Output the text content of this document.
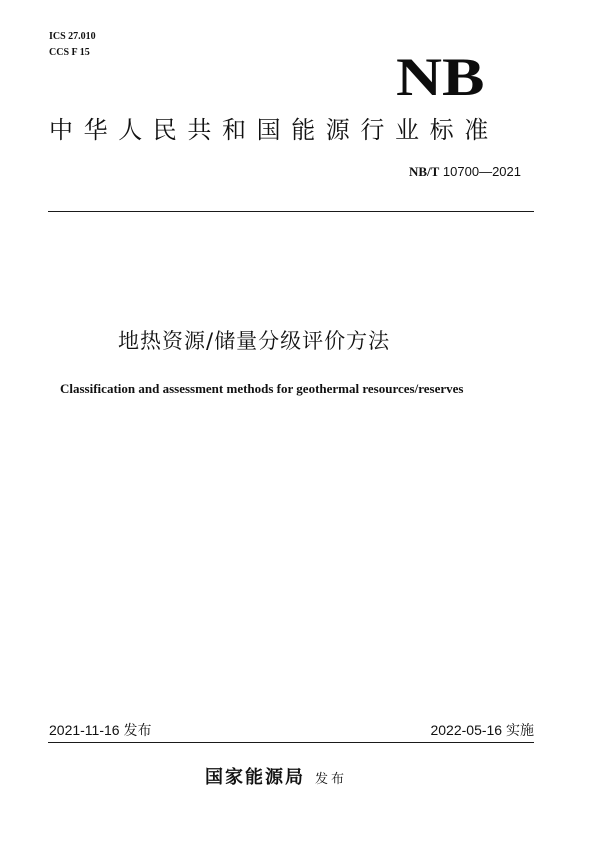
ICS 27.010
CCS F 15	NB
中华人民共和国能源行业标准
NB/T 10700—2021
地热资源/储量分级评价方法
Classification and assessment methods for geothermal resources/reserves
2021-11-16 发布	2022-05-16 实施
国家能源局 发布
